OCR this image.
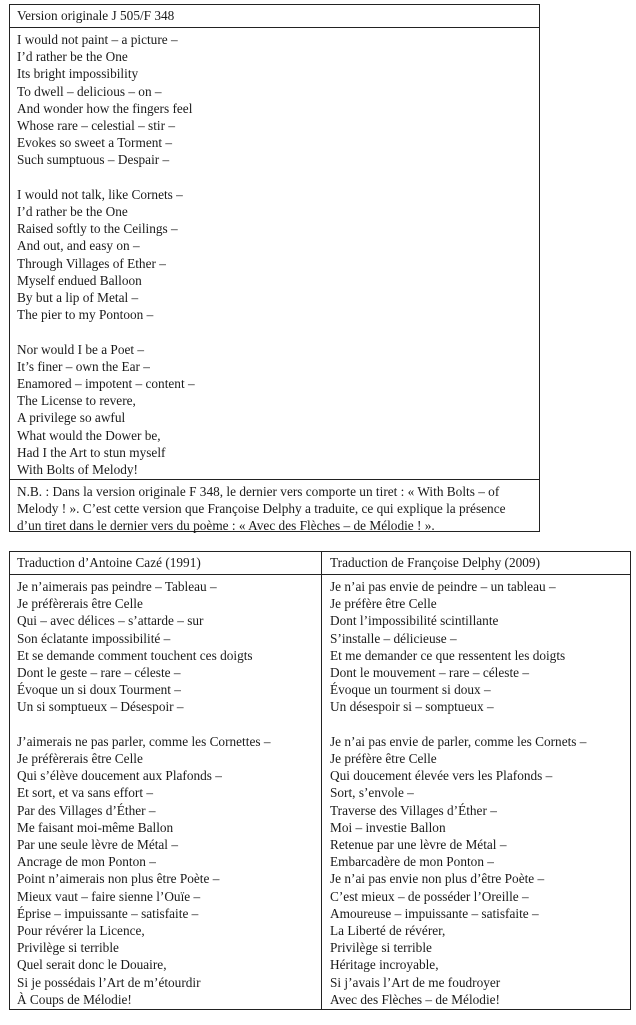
Version originale J 505/F 348
I would not paint – a picture –
I’d rather be the One
Its bright impossibility
To dwell – delicious – on –
And wonder how the fingers feel
Whose rare – celestial – stir –
Evokes so sweet a Torment –
Such sumptuous – Despair –
I would not talk, like Cornets –
I’d rather be the One
Raised softly to the Ceilings –
And out, and easy on –
Through Villages of Ether –
Myself endued Balloon
By but a lip of Metal –
The pier to my Pontoon –
Nor would I be a Poet –
It’s finer – own the Ear –
Enamored – impotent – content –
The License to revere,
A privilege so awful
What would the Dower be,
Had I the Art to stun myself
With Bolts of Melody!
N.B. : Dans la version originale F 348, le dernier vers comporte un tiret : « With Bolts – of Melody ! ». C’est cette version que Françoise Delphy a traduite, ce qui explique la présence d’un tiret dans le dernier vers du poème : « Avec des Flèches – de Mélodie ! ».
Traduction d’Antoine Cazé (1991)	Traduction de Françoise Delphy (2009)
Je n’aimerais pas peindre – Tableau –
Je préfèrerais être Celle
Qui – avec délices – s’attarde – sur
Son éclatante impossibilité –
Et se demande comment touchent ces doigts
Dont le geste – rare – céleste –
Évoque un si doux Tourment –
Un si somptueux – Désespoir –
J’aimerais ne pas parler, comme les Cornettes –
Je préfèrerais être Celle
Qui s’élève doucement aux Plafonds –
Et sort, et va sans effort –
Par des Villages d’Éther –
Me faisant moi-même Ballon
Par une seule lèvre de Métal –
Ancrage de mon Ponton –
Point n’aimerais non plus être Poète –
Mieux vaut – faire sienne l’Ouïe –
Éprise – impuissante – satisfaite –
Pour révérer la Licence,
Privilège si terrible
Quel serait donc le Douaire,
Si je possédais l’Art de m’étourdir
À Coups de Mélodie!
Je n’ai pas envie de peindre – un tableau –
Je préfère être Celle
Dont l’impossibilité scintillante
S’installe – délicieuse –
Et me demander ce que ressentent les doigts
Dont le mouvement – rare – céleste –
Évoque un tourment si doux –
Un désespoir si – somptueux –
Je n’ai pas envie de parler, comme les Cornets –
Je préfère être Celle
Qui doucement élevée vers les Plafonds –
Sort, s’envole –
Traverse des Villages d’Éther –
Moi – investie Ballon
Retenue par une lèvre de Métal –
Embarcadère de mon Ponton –
Je n’ai pas envie non plus d’être Poète –
C’est mieux – de posséder l’Oreille –
Amoureuse – impuissante – satisfaite –
La Liberté de révérer,
Privilège si terrible
Héritage incroyable,
Si j’avais l’Art de me foudroyer
Avec des Flèches – de Mélodie!
